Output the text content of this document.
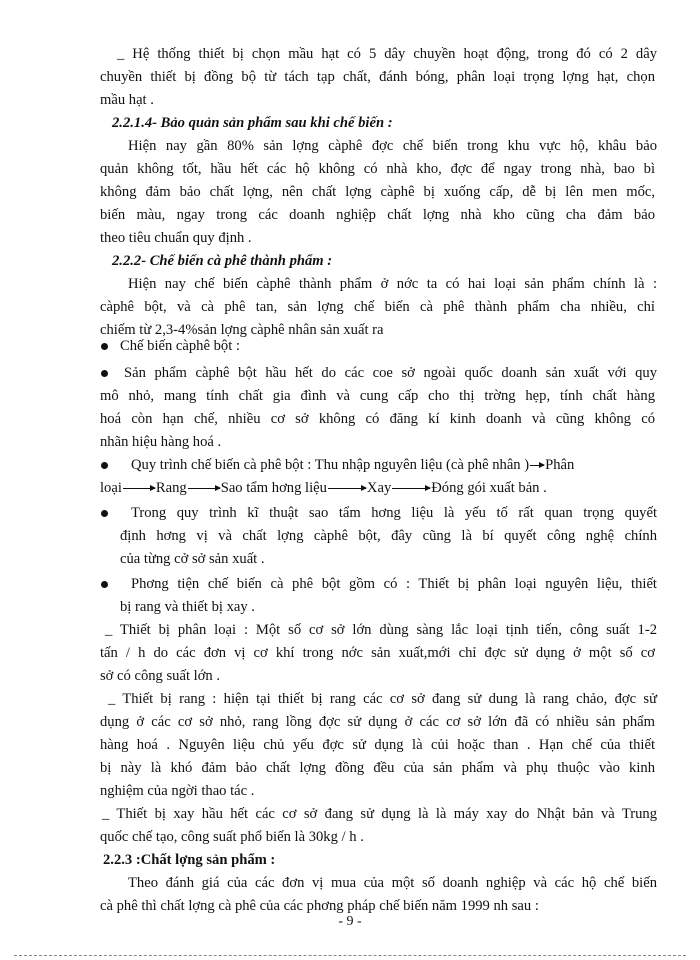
_ Hệ thống thiết bị chọn mầu hạt có 5 dây chuyền hoạt động, trong đó có 2 dây
chuyền thiết bị đồng bộ từ tách tạp chất, đánh bóng, phân loại trọng lợng hạt, chọn
mầu hạt .
2.2.1.4- Bảo quản sản phẩm sau khi chế biến :
Hiện nay gần 80% sản lợng càphê đợc chế biến trong khu vực hộ, khâu bảo
quản không tốt, hầu hết các hộ không có nhà kho, đợc để ngay trong nhà, bao bì
không đảm bảo chất lợng, nên chất lợng càphê bị xuống cấp, dễ bị lên men mốc,
biến màu, ngay trong các doanh nghiệp chất lợng nhà kho cũng cha đảm bảo
theo tiêu chuẩn quy định .
2.2.2- Chế biến cà phê thành phẩm :
Hiện nay chế biến càphê thành phẩm ở nớc ta có hai loại sản phẩm chính là :
càphê bột, và cà phê tan, sản lợng chế biến cà phê thành phẩm cha nhiều, chỉ
chiếm từ 2,3-4%sản lợng càphê nhân sản xuất ra
Chế biến càphê bột :
Sản phẩm càphê bột hầu hết do các coe sở ngoài quốc doanh sản xuất với quy
mô nhỏ, mang tính chất gia đình và cung cấp cho thị trờng hẹp, tính chất hàng
hoá còn hạn chế, nhiều cơ sở không có đăng kí kinh doanh và cũng không có
nhãn hiệu hàng hoá .
Quy trình chế biến cà phê bột : Thu nhập nguyên liệu (cà phê nhân ) Phân
loại Rang Sao tẩm hơng liệu	Xay	Đóng gói xuất bản .
Trong quy trình kĩ thuật sao tẩm hơng liệu là yếu tố rất quan trọng quyết
định hơng vị và chất lợng càphê bột, đây cũng là bí quyết công nghệ chính
của từng cở sở sản xuất .
Phơng tiện chế biến cà phê bột gồm có : Thiết bị phân loại nguyên liệu, thiết
bị rang và thiết bị xay .
_ Thiết bị phân loại : Một số cơ sở lớn dùng sàng lắc loại tịnh tiến, công suất 1-2
tấn / h do các đơn vị cơ khí trong nớc sản xuất,mới chỉ đợc sử dụng ở một số cơ
sở có công suất lớn .
_ Thiết bị rang : hiện tại thiết bị rang các cơ sở đang sử dung là rang chảo, đợc sử
dụng ở các cơ sở nhỏ, rang lồng đợc sử dụng ở các cơ sở lớn đã có nhiều sản phẩm
hàng hoá . Nguyên liệu chủ yếu đợc sử dụng là củi hoặc than . Hạn chế của thiết
bị này là khó đảm bảo chất lợng đồng đều của sản phẩm và phụ thuộc vào kinh
nghiệm của ngời thao tác .
_ Thiết bị xay hầu hết các cơ sở đang sử dụng là là máy xay do Nhật bản và Trung
quốc chế tạo, công suất phổ biến là 30kg / h .
2.2.3 :Chất lợng sản phẩm :
Theo đánh giá của các đơn vị mua của một số doanh nghiệp và các hộ chế biến
cà phê thì chất lợng cà phê của các phơng pháp chế biến năm 1999 nh sau :
- 9 -
